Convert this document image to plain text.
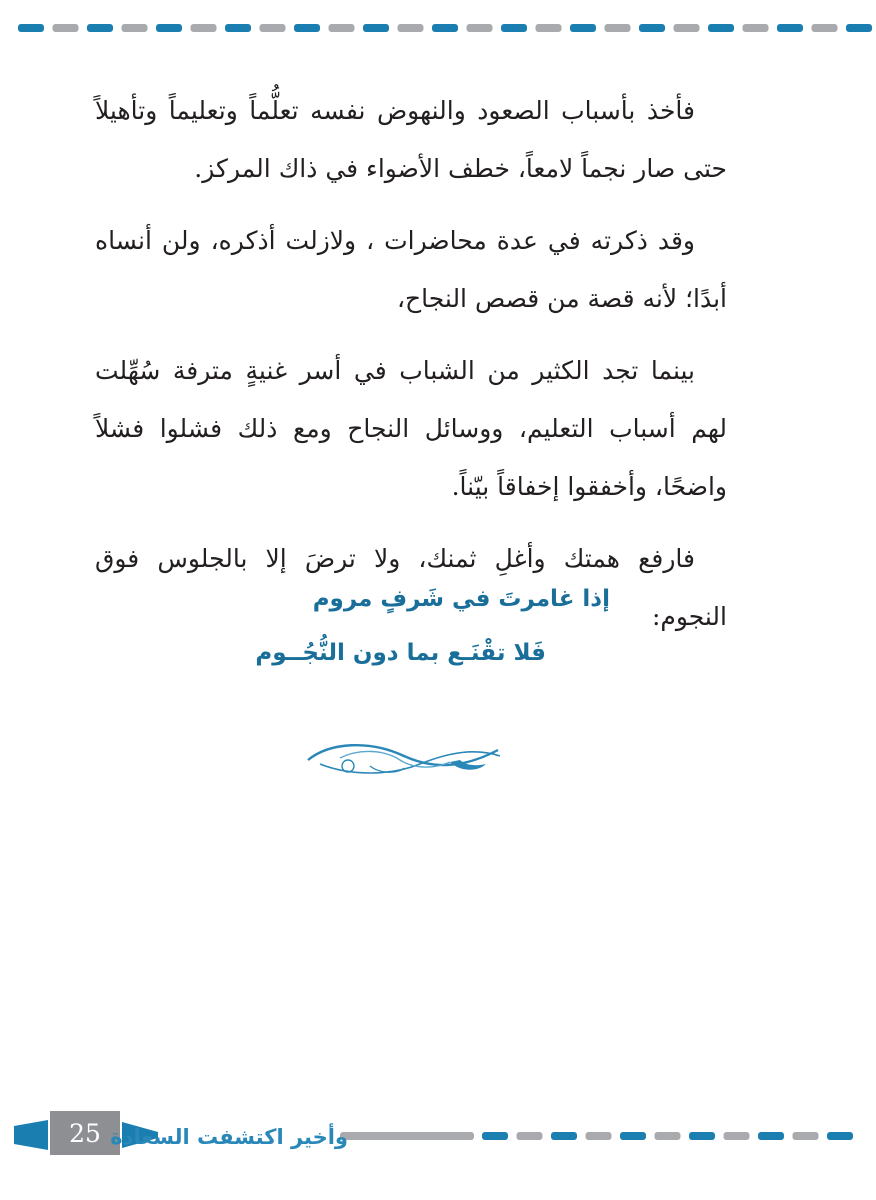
فأخذ بأسباب الصعود والنهوض نفسه تعلُّماً وتعليماً وتأهيلاً حتى صار نجماً لامعاً، خطف الأضواء في ذاك المركز.

وقد ذكرته في عدة محاضرات ، ولازلت أذكره، ولن أنساه أبدًا؛ لأنه قصة من قصص النجاح،

بينما تجد الكثير من الشباب في أسر غنيةٍ مترفة سُهِّلت لهم أسباب التعليم، ووسائل النجاح ومع ذلك فشلوا فشلاً واضحًا، وأخفقوا إخفاقاً بيّناً.

فارفع همتك وأغلِ ثمنك، ولا ترضَ إلا بالجلوس فوق النجوم:

إذا غامرتَ في شَرفٍ مروم
فَلا تقْنَـع بما دون النُّجُــوم
25 وأخير اكتشفت السعادة
